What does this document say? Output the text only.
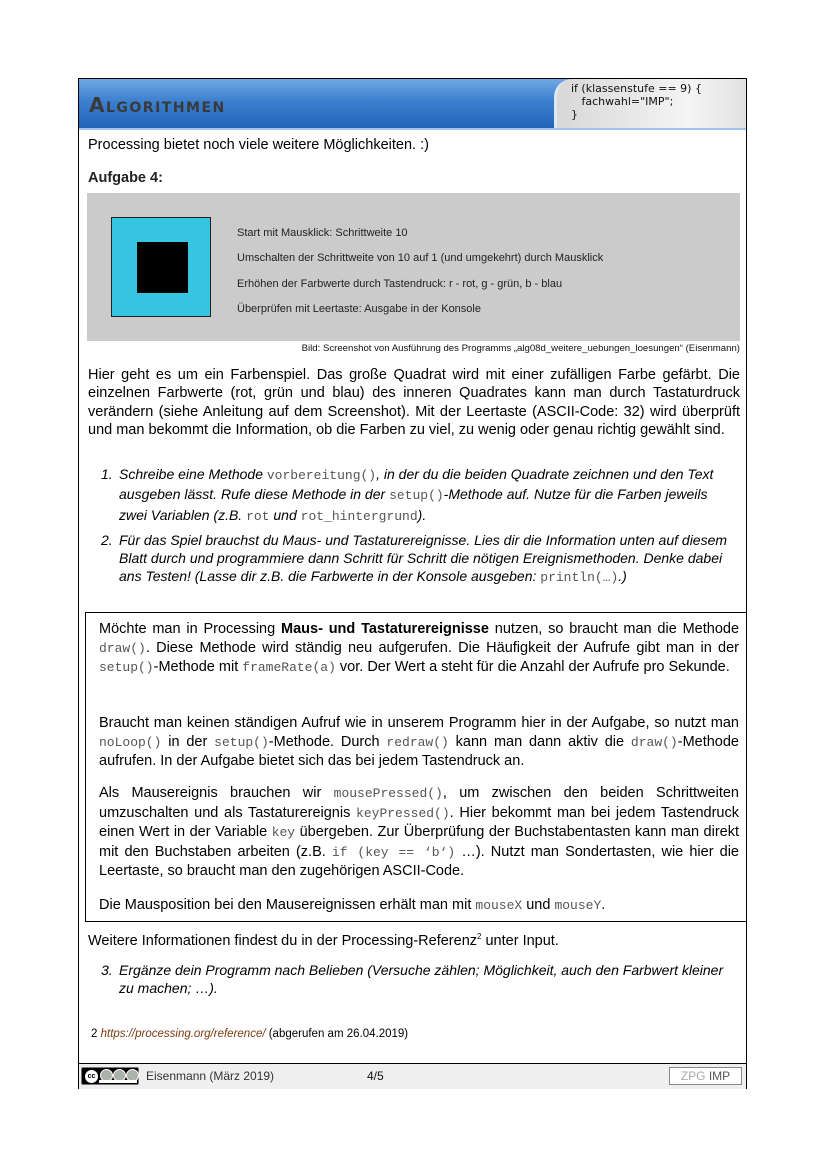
ALGORITHMEN
if (klassenstufe == 9) {
fachwahl="IMP";
}
Processing bietet noch viele weitere Möglichkeiten. :)
Aufgabe 4:
Start mit Mausklick: Schrittweite 10
Umschalten der Schrittweite von 10 auf 1 (und umgekehrt) durch Mausklick
Erhöhen der Farbwerte durch Tastendruck: r - rot, g - grün, b - blau
Überprüfen mit Leertaste: Ausgabe in der Konsole
Bild: Screenshot von Ausführung des Programms „alg08d_weitere_uebungen_loesungen“ (Eisenmann)
Hier geht es um ein Farbenspiel. Das große Quadrat wird mit einer zufälligen Farbe gefärbt. Die einzelnen Farbwerte (rot, grün und blau) des inneren Quadrates kann man durch Tastaturdruck verändern (siehe Anleitung auf dem Screenshot). Mit der Leertaste (ASCII-Code: 32) wird überprüft und man bekommt die Information, ob die Farben zu viel, zu wenig oder genau richtig gewählt sind.
1. Schreibe eine Methode vorbereitung(), in der du die beiden Quadrate zeichnen und den Text ausgeben lässt. Rufe diese Methode in der setup()-Methode auf. Nutze für die Farben jeweils zwei Variablen (z.B. rot und rot_hintergrund).
2. Für das Spiel brauchst du Maus- und Tastaturereignisse. Lies dir die Information unten auf diesem Blatt durch und programmiere dann Schritt für Schritt die nötigen Ereignismethoden. Denke dabei ans Testen! (Lasse dir z.B. die Farbwerte in der Konsole ausgeben: println(…).)
Möchte man in Processing Maus- und Tastaturereignisse nutzen, so braucht man die Methode draw(). Diese Methode wird ständig neu aufgerufen. Die Häufigkeit der Aufrufe gibt man in der setup()-Methode mit frameRate(a) vor. Der Wert a steht für die Anzahl der Aufrufe pro Sekunde.
Braucht man keinen ständigen Aufruf wie in unserem Programm hier in der Aufgabe, so nutzt man noLoop() in der setup()-Methode. Durch redraw() kann man dann aktiv die draw()-Methode aufrufen. In der Aufgabe bietet sich das bei jedem Tastendruck an.
Als Mausereignis brauchen wir mousePressed(), um zwischen den beiden Schrittweiten umzuschalten und als Tastaturereignis keyPressed(). Hier bekommt man bei jedem Tastendruck einen Wert in der Variable key übergeben. Zur Überprüfung der Buchstabentasten kann man direkt mit den Buchstaben arbeiten (z.B. if (key == ‘b‘) …). Nutzt man Sondertasten, wie hier die Leertaste, so braucht man den zugehörigen ASCII-Code.
Die Mausposition bei den Mausereignissen erhält man mit mouseX und mouseY.
Weitere Informationen findest du in der Processing-Referenz$^2$ unter Input.
3. Ergänze dein Programm nach Belieben (Versuche zählen; Möglichkeit, auch den Farbwert kleiner zu machen; …).
2 https://processing.org/reference/ (abgerufen am 26.04.2019)
cc	Eisenmann (März 2019)	4/5	ZPG IMP
